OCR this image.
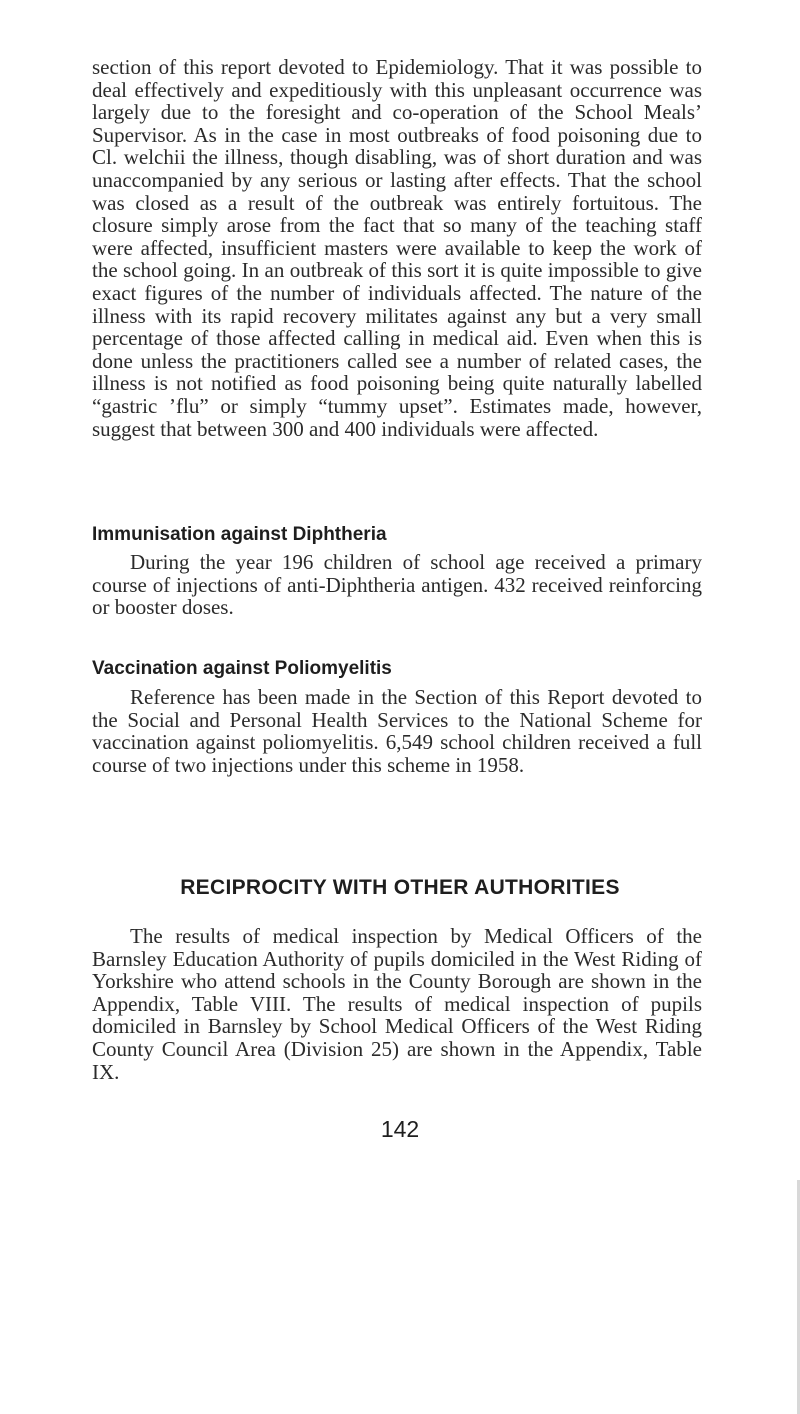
section of this report devoted to Epidemiology. That it was possible to deal effectively and expeditiously with this unpleasant occurrence was largely due to the foresight and co-operation of the School Meals’ Supervisor. As in the case in most outbreaks of food poisoning due to Cl. welchii the illness, though disabling, was of short duration and was unaccompanied by any serious or lasting after effects. That the school was closed as a result of the outbreak was entirely fortuitous. The closure simply arose from the fact that so many of the teaching staff were affected, insufficient masters were available to keep the work of the school going. In an outbreak of this sort it is quite impossible to give exact figures of the number of individuals affected. The nature of the illness with its rapid recovery militates against any but a very small percentage of those affected calling in medical aid. Even when this is done unless the practitioners called see a number of related cases, the illness is not notified as food poisoning being quite naturally labelled “gastric ’flu” or simply “tummy upset”. Estimates made, however, suggest that between 300 and 400 individuals were affected.

Immunisation against Diphtheria

During the year 196 children of school age received a primary course of injections of anti-Diphtheria antigen. 432 received reinforcing or booster doses.

Vaccination against Poliomyelitis

Reference has been made in the Section of this Report devoted to the Social and Personal Health Services to the National Scheme for vaccination against poliomyelitis. 6,549 school children received a full course of two injections under this scheme in 1958.

RECIPROCITY WITH OTHER AUTHORITIES

The results of medical inspection by Medical Officers of the Barnsley Education Authority of pupils domiciled in the West Riding of Yorkshire who attend schools in the County Borough are shown in the Appendix, Table VIII. The results of medical inspection of pupils domiciled in Barnsley by School Medical Officers of the West Riding County Council Area (Division 25) are shown in the Appendix, Table IX.

142
